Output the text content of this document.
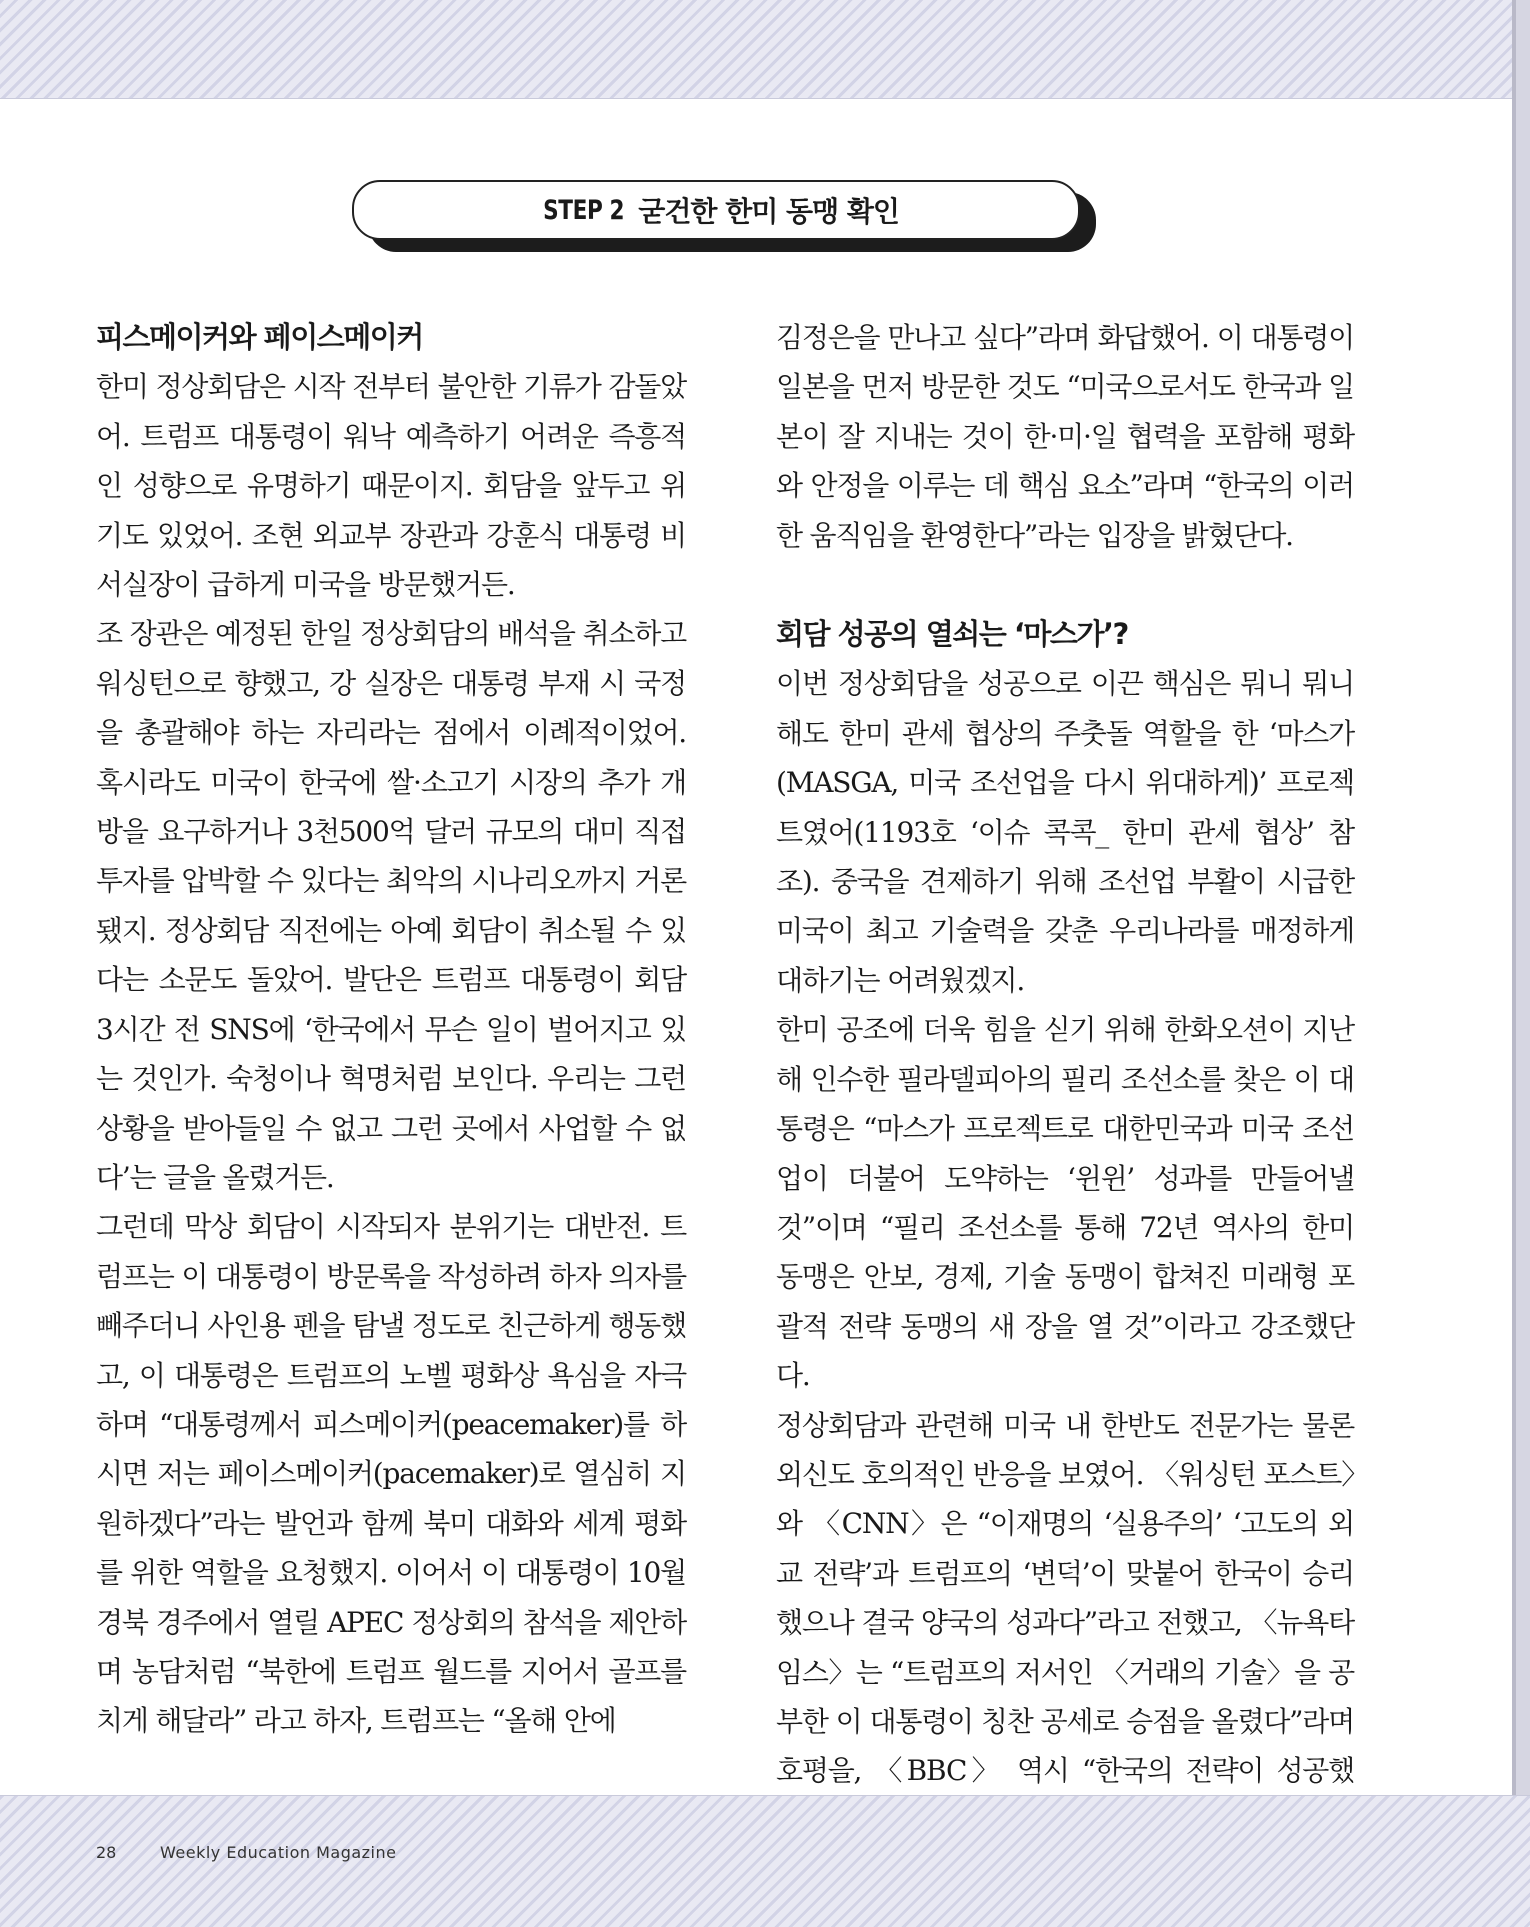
STEP 2 굳건한 한미 동맹 확인
피스메이커와 페이스메이커

한미 정상회담은 시작 전부터 불안한 기류가 감돌았어. 트럼프 대통령이 워낙 예측하기 어려운 즉흥적인 성향으로 유명하기 때문이지. 회담을 앞두고 위기도 있었어. 조현 외교부 장관과 강훈식 대통령 비서실장이 급하게 미국을 방문했거든.

조 장관은 예정된 한일 정상회담의 배석을 취소하고 워싱턴으로 향했고, 강 실장은 대통령 부재 시 국정을 총괄해야 하는 자리라는 점에서 이례적이었어. 혹시라도 미국이 한국에 쌀·소고기 시장의 추가 개방을 요구하거나 3천500억 달러 규모의 대미 직접 투자를 압박할 수 있다는 최악의 시나리오까지 거론됐지. 정상회담 직전에는 아예 회담이 취소될 수 있다는 소문도 돌았어. 발단은 트럼프 대통령이 회담 3시간 전 SNS에 ‘한국에서 무슨 일이 벌어지고 있는 것인가. 숙청이나 혁명처럼 보인다. 우리는 그런 상황을 받아들일 수 없고 그런 곳에서 사업할 수 없다’는 글을 올렸거든.

그런데 막상 회담이 시작되자 분위기는 대반전. 트럼프는 이 대통령이 방문록을 작성하려 하자 의자를 빼주더니 사인용 펜을 탐낼 정도로 친근하게 행동했고, 이 대통령은 트럼프의 노벨 평화상 욕심을 자극하며 “대통령께서 피스메이커(peacemaker)를 하시면 저는 페이스메이커(pacemaker)로 열심히 지원하겠다”라는 발언과 함께 북미 대화와 세계 평화를 위한 역할을 요청했지. 이어서 이 대통령이 10월 경북 경주에서 열릴 APEC 정상회의 참석을 제안하며 농담처럼 “북한에 트럼프 월드를 지어서 골프를 치게 해달라” 라고 하자, 트럼프는 “올해 안에

김정은을 만나고 싶다”라며 화답했어. 이 대통령이 일본을 먼저 방문한 것도 “미국으로서도 한국과 일본이 잘 지내는 것이 한·미·일 협력을 포함해 평화와 안정을 이루는 데 핵심 요소”라며 “한국의 이러한 움직임을 환영한다”라는 입장을 밝혔단다.

회담 성공의 열쇠는 ‘마스가’?

이번 정상회담을 성공으로 이끈 핵심은 뭐니 뭐니해도 한미 관세 협상의 주춧돌 역할을 한 ‘마스가(MASGA, 미국 조선업을 다시 위대하게)’ 프로젝트였어(1193호 ‘이슈 콕콕_ 한미 관세 협상’ 참조). 중국을 견제하기 위해 조선업 부활이 시급한 미국이 최고 기술력을 갖춘 우리나라를 매정하게 대하기는 어려웠겠지.

한미 공조에 더욱 힘을 싣기 위해 한화오션이 지난해 인수한 필라델피아의 필리 조선소를 찾은 이 대통령은 “마스가 프로젝트로 대한민국과 미국 조선업이 더불어 도약하는 ‘윈윈’ 성과를 만들어낼 것”이며 “필리 조선소를 통해 72년 역사의 한미 동맹은 안보, 경제, 기술 동맹이 합쳐진 미래형 포괄적 전략 동맹의 새 장을 열 것”이라고 강조했단다.

정상회담과 관련해 미국 내 한반도 전문가는 물론 외신도 호의적인 반응을 보였어. 〈워싱턴 포스트〉와 〈CNN〉은 “이재명의 ‘실용주의’ ‘고도의 외교 전략’과 트럼프의 ‘변덕’이 맞붙어 한국이 승리했으나 결국 양국의 성과다”라고 전했고, 〈뉴욕타임스〉는 “트럼프의 저서인 〈거래의 기술〉을 공부한 이 대통령이 칭찬 공세로 승점을 올렸다”라며 호평을, 〈BBC〉 역시 “한국의 전략이 성공했

28	Weekly Education Magazine
